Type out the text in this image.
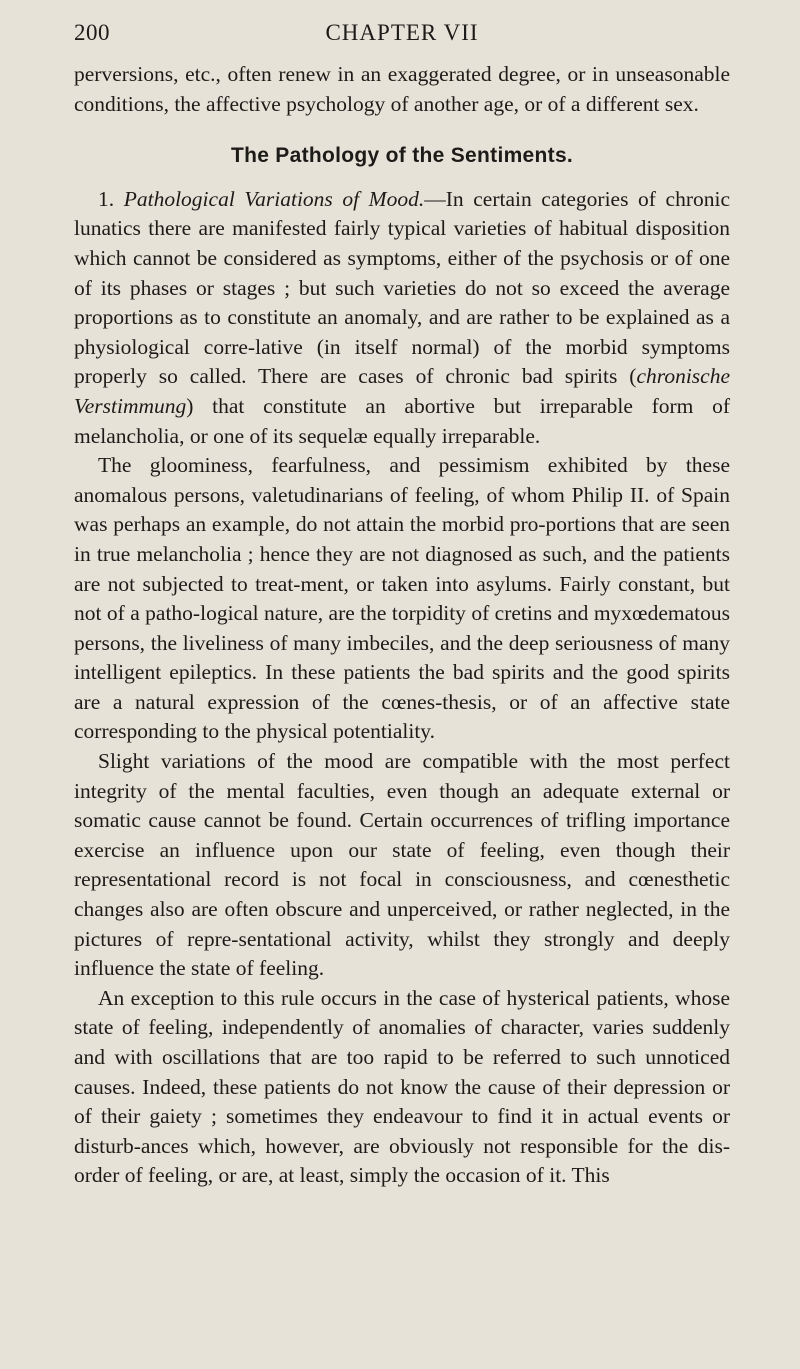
200	CHAPTER VII

perversions, etc., often renew in an exaggerated degree, or in unseasonable conditions, the affective psychology of another age, or of a different sex.

The Pathology of the Sentiments.

1. Pathological Variations of Mood.—In certain categories of chronic lunatics there are manifested fairly typical varieties of habitual disposition which cannot be considered as symptoms, either of the psychosis or of one of its phases or stages ; but such varieties do not so exceed the average proportions as to constitute an anomaly, and are rather to be explained as a physiological corre-lative (in itself normal) of the morbid symptoms properly so called. There are cases of chronic bad spirits (chronische Verstimmung) that constitute an abortive but irreparable form of melancholia, or one of its sequelæ equally irreparable.

The gloominess, fearfulness, and pessimism exhibited by these anomalous persons, valetudinarians of feeling, of whom Philip II. of Spain was perhaps an example, do not attain the morbid pro-portions that are seen in true melancholia ; hence they are not diagnosed as such, and the patients are not subjected to treat-ment, or taken into asylums. Fairly constant, but not of a patho-logical nature, are the torpidity of cretins and myxœdematous persons, the liveliness of many imbeciles, and the deep seriousness of many intelligent epileptics. In these patients the bad spirits and the good spirits are a natural expression of the cœnes-thesis, or of an affective state corresponding to the physical potentiality.

Slight variations of the mood are compatible with the most perfect integrity of the mental faculties, even though an adequate external or somatic cause cannot be found. Certain occurrences of trifling importance exercise an influence upon our state of feeling, even though their representational record is not focal in consciousness, and cœnesthetic changes also are often obscure and unperceived, or rather neglected, in the pictures of repre-sentational activity, whilst they strongly and deeply influence the state of feeling.

An exception to this rule occurs in the case of hysterical patients, whose state of feeling, independently of anomalies of character, varies suddenly and with oscillations that are too rapid to be referred to such unnoticed causes. Indeed, these patients do not know the cause of their depression or of their gaiety ; sometimes they endeavour to find it in actual events or disturb-ances which, however, are obviously not responsible for the dis-order of feeling, or are, at least, simply the occasion of it. This
